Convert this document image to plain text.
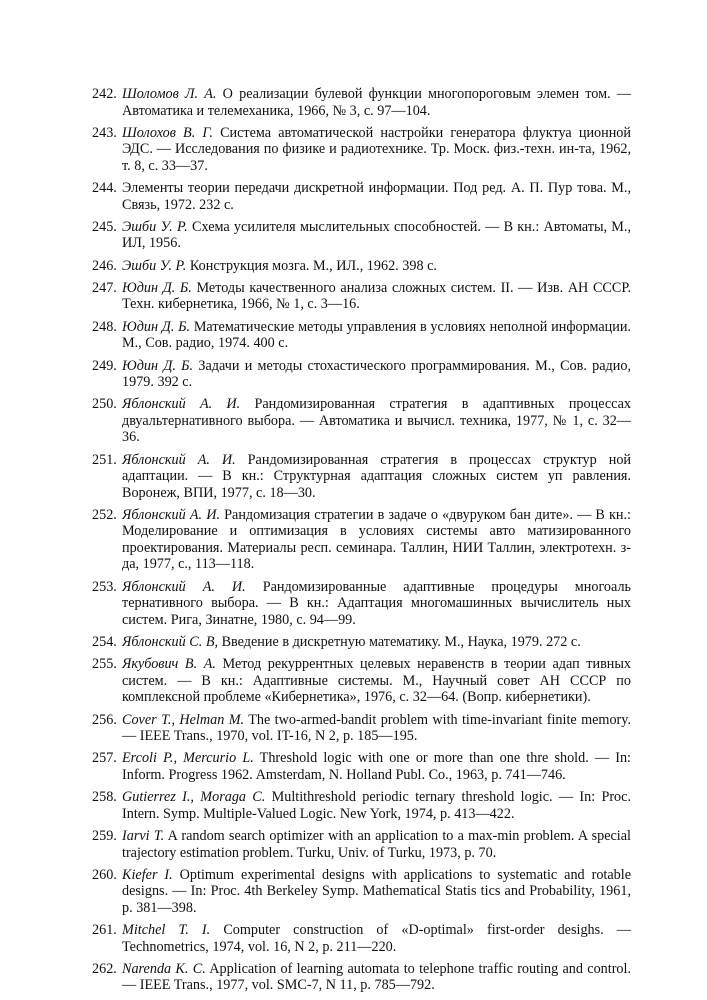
242. Шоломов Л. А. О реализации булевой функции многопороговым элемен том. — Автоматика и телемеханика, 1966, № 3, с. 97—104.
243. Шолохов В. Г. Система автоматической настройки генератора флуктуа ционной ЭДС. — Исследования по физике и радиотехнике. Тр. Моск. физ.-техн. ин-та, 1962, т. 8, с. 33—37.
244. Элементы теории передачи дискретной информации. Под ред. А. П. Пур това. М., Связь, 1972. 232 с.
245. Эшби У. Р. Схема усилителя мыслительных способностей. — В кн.: Автоматы, М., ИЛ, 1956.
246. Эшби У. Р. Конструкция мозга. М., ИЛ., 1962. 398 с.
247. Юдин Д. Б. Методы качественного анализа сложных систем. II. — Изв. АН СССР. Техн. кибернетика, 1966, № 1, с. 3—16.
248. Юдин Д. Б. Математические методы управления в условиях неполной информации. М., Сов. радио, 1974. 400 с.
249. Юдин Д. Б. Задачи и методы стохастического программирования. М., Сов. радио, 1979. 392 с.
250. Яблонский А. И. Рандомизированная стратегия в адаптивных процессах двуальтернативного выбора. — Автоматика и вычисл. техника, 1977, № 1, с. 32—36.
251. Яблонский А. И. Рандомизированная стратегия в процессах структур ной адаптации. — В кн.: Структурная адаптация сложных систем уп равления. Воронеж, ВПИ, 1977, с. 18—30.
252. Яблонский А. И. Рандомизация стратегии в задаче о «двуруком бан дите». — В кн.: Моделирование и оптимизация в условиях системы авто матизированного проектирования. Материалы респ. семинара. Таллин, НИИ Таллин, электротехн. з-да, 1977, с., 113—118.
253. Яблонский А. И. Рандомизированные адаптивные процедуры многоаль тернативного выбора. — В кн.: Адаптация многомашинных вычислитель ных систем. Рига, Зинатне, 1980, с. 94—99.
254. Яблонский С. В, Введение в дискретную математику. М., Наука, 1979. 272 с.
255. Якубович В. А. Метод рекуррентных целевых неравенств в теории адап тивных систем. — В кн.: Адаптивные системы. М., Научный совет АН СССР по комплексной проблеме «Кибернетика», 1976, с. 32—64. (Вопр. кибернетики).
256. Cover T., Helman M. The two-armed-bandit problem with time-invariant finite memory. — IEEE Trans., 1970, vol. IT-16, N 2, p. 185—195.
257. Ercoli P., Mercurio L. Threshold logic with one or more than one thre shold. — In: Inform. Progress 1962. Amsterdam, N. Holland Publ. Co., 1963, p. 741—746.
258. Gutierrez I., Moraga C. Multithreshold periodic ternary threshold logic. — In: Proc. Intern. Symp. Multiple-Valued Logic. New York, 1974, p. 413—422.
259. Iarvi T. A random search optimizer with an application to a max-min problem. A special trajectory estimation problem. Turku, Univ. of Turku, 1973, p. 70.
260. Kiefer I. Optimum experimental designs with applications to systematic and rotable designs. — In: Proc. 4th Berkeley Symp. Mathematical Statis tics and Probability, 1961, p. 381—398.
261. Mitchel T. I. Computer construction of «D-optimal» first-order desighs. — Technometrics, 1974, vol. 16, N 2, p. 211—220.
262. Narenda K. C. Application of learning automata to telephone traffic routing and control. — IEEE Trans., 1977, vol. SMC-7, N 11, p. 785—792.
